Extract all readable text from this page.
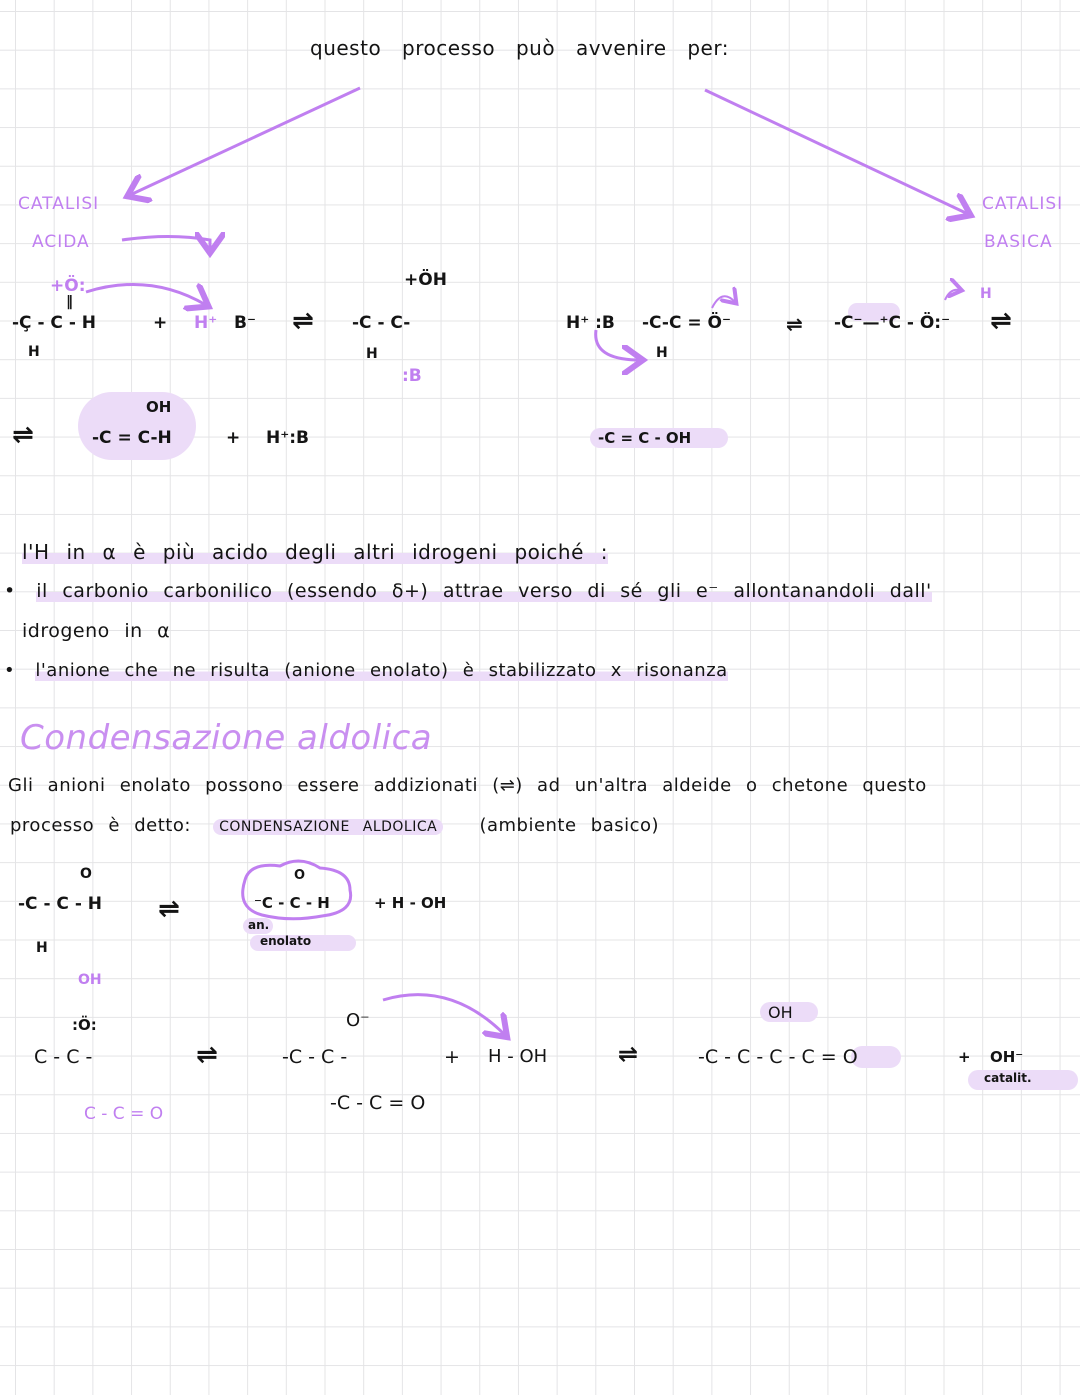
questo processo può avvenire per:
CATALISI
ACIDA
CATALISI
BASICA
+Ö:
‖
-Ç - C - H
H
+ H⁺ B⁻ ⇌
+ÖH
-C - C-
H
:B
⇌
OH
-C = C-H	+ H⁺:B
H⁺ :B -C-C = Ö⁻
H
⇌ -C⁻—⁺C - Ö:⁻
H
⇌
-C = C - OH
l'H in α è più acido degli altri idrogeni poiché :
• il carbonio carbonilico (essendo δ+) attrae verso di sé gli e⁻ allontanandoli dall'
idrogeno in α
• l'anione che ne risulta (anione enolato) è stabilizzato x risonanza
Condensazione aldolica
Gli anioni enolato possono essere addizionati (⇌) ad un'altra aldeide o chetone questo
processo è detto: CONDENSAZIONE ALDOLICA (ambiente basico)
O
-C - C - H
H
OH
⇌
O
⁻C - C - H
an.
enolato
+ H - OH
:Ö:
C - C -
C - C = O
⇌
O⁻
-C - C -
-C - C = O
+ H - OH	⇌
OH
-C - C - C - C = O	+ OH⁻
catalit.
